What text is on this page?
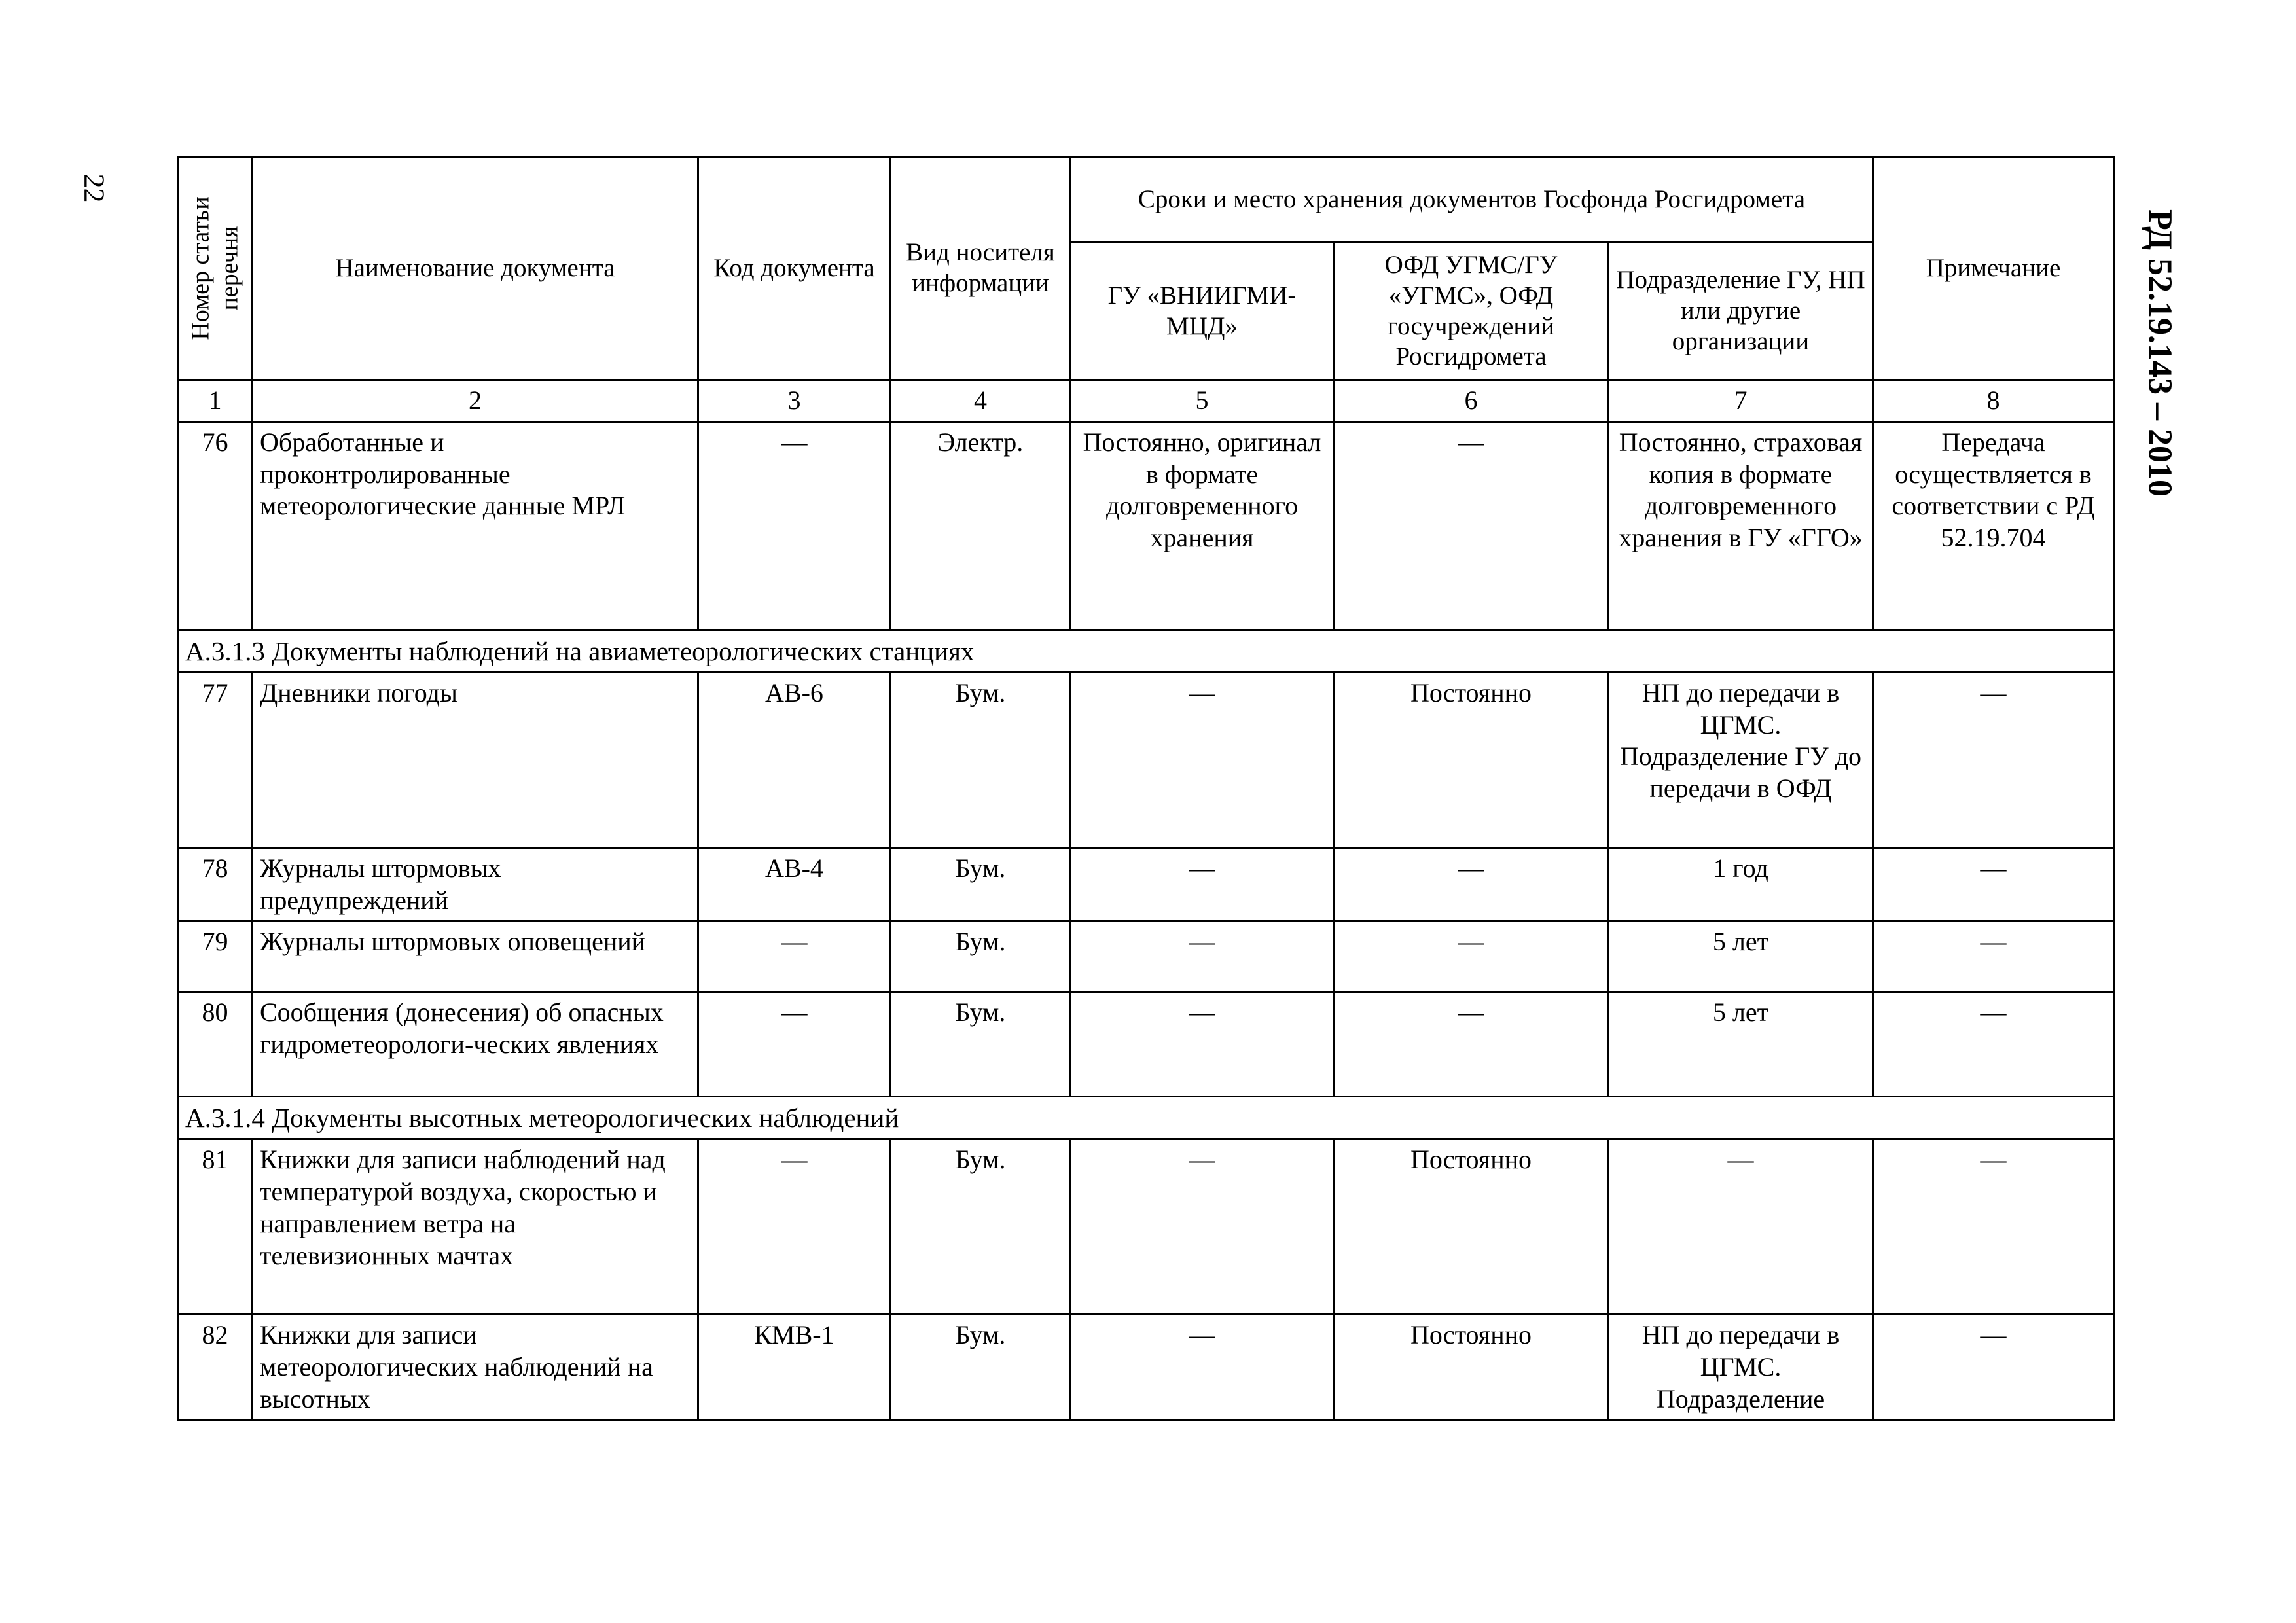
22
РД 52.19.143 – 2010
Номер статьи перечня	Наименование документа	Код документа	Вид носителя информации	Сроки и место хранения документов Госфонда Росгидромета			Примечание
				ГУ «ВНИИГМИ-МЦД»	ОФД УГМС/ГУ «УГМС», ОФД госучреждений Росгидромета	Подразделение ГУ, НП или другие организации	
1	2	3	4	5	6	7	8
76	Обработанные и проконтролированные метеорологические данные МРЛ	—	Электр.	Постоянно, оригинал в формате долговременного хранения	—	Постоянно, страховая копия в формате долговременного хранения в ГУ «ГГО»	Передача осуществляется в соответствии с РД 52.19.704
А.3.1.3 Документы наблюдений на авиаметеорологических станциях							
77	Дневники погоды	АВ-6	Бум.	—	Постоянно	НП до передачи в ЦГМС. Подразделение ГУ до передачи в ОФД	—
78	Журналы штормовых предупреждений	АВ-4	Бум.	—	—	1 год	—
79	Журналы штормовых оповещений	—	Бум.	—	—	5 лет	—
80	Сообщения (донесения) об опасных гидрометеорологи-ческих явлениях	—	Бум.	—	—	5 лет	—
А.3.1.4 Документы высотных метеорологических наблюдений							
81	Книжки для записи наблюдений над температурой воздуха, скоростью и направлением ветра на телевизионных мачтах	—	Бум.	—	Постоянно	—	—
82	Книжки для записи метеорологических наблюдений на высотных	КМВ-1	Бум.	—	Постоянно	НП до передачи в ЦГМС. Подразделение	—
